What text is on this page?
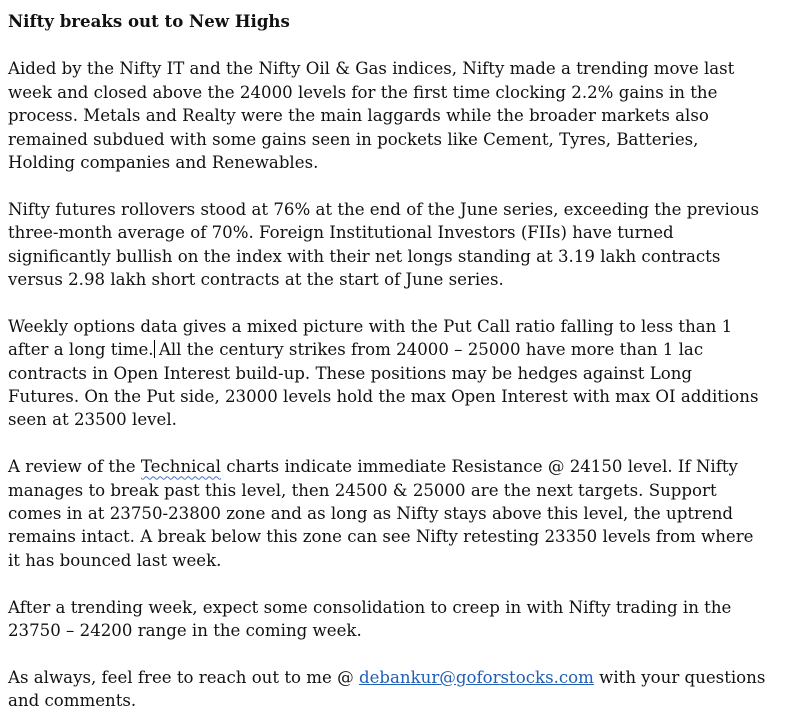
Nifty breaks out to New Highs

Aided by the Nifty IT and the Nifty Oil & Gas indices, Nifty made a trending move last week and closed above the 24000 levels for the first time clocking 2.2% gains in the process. Metals and Realty were the main laggards while the broader markets also remained subdued with some gains seen in pockets like Cement, Tyres, Batteries, Holding companies and Renewables.

Nifty futures rollovers stood at 76% at the end of the June series, exceeding the previous three-month average of 70%. Foreign Institutional Investors (FIIs) have turned significantly bullish on the index with their net longs standing at 3.19 lakh contracts versus 2.98 lakh short contracts at the start of June series.

Weekly options data gives a mixed picture with the Put Call ratio falling to less than 1 after a long time. All the century strikes from 24000 – 25000 have more than 1 lac contracts in Open Interest build-up. These positions may be hedges against Long Futures. On the Put side, 23000 levels hold the max Open Interest with max OI additions seen at 23500 level.

A review of the Technical charts indicate immediate Resistance @ 24150 level. If Nifty manages to break past this level, then 24500 & 25000 are the next targets. Support comes in at 23750-23800 zone and as long as Nifty stays above this level, the uptrend remains intact. A break below this zone can see Nifty retesting 23350 levels from where it has bounced last week.

After a trending week, expect some consolidation to creep in with Nifty trading in the 23750 – 24200 range in the coming week.

As always, feel free to reach out to me @ debankur@goforstocks.com with your questions and comments.
